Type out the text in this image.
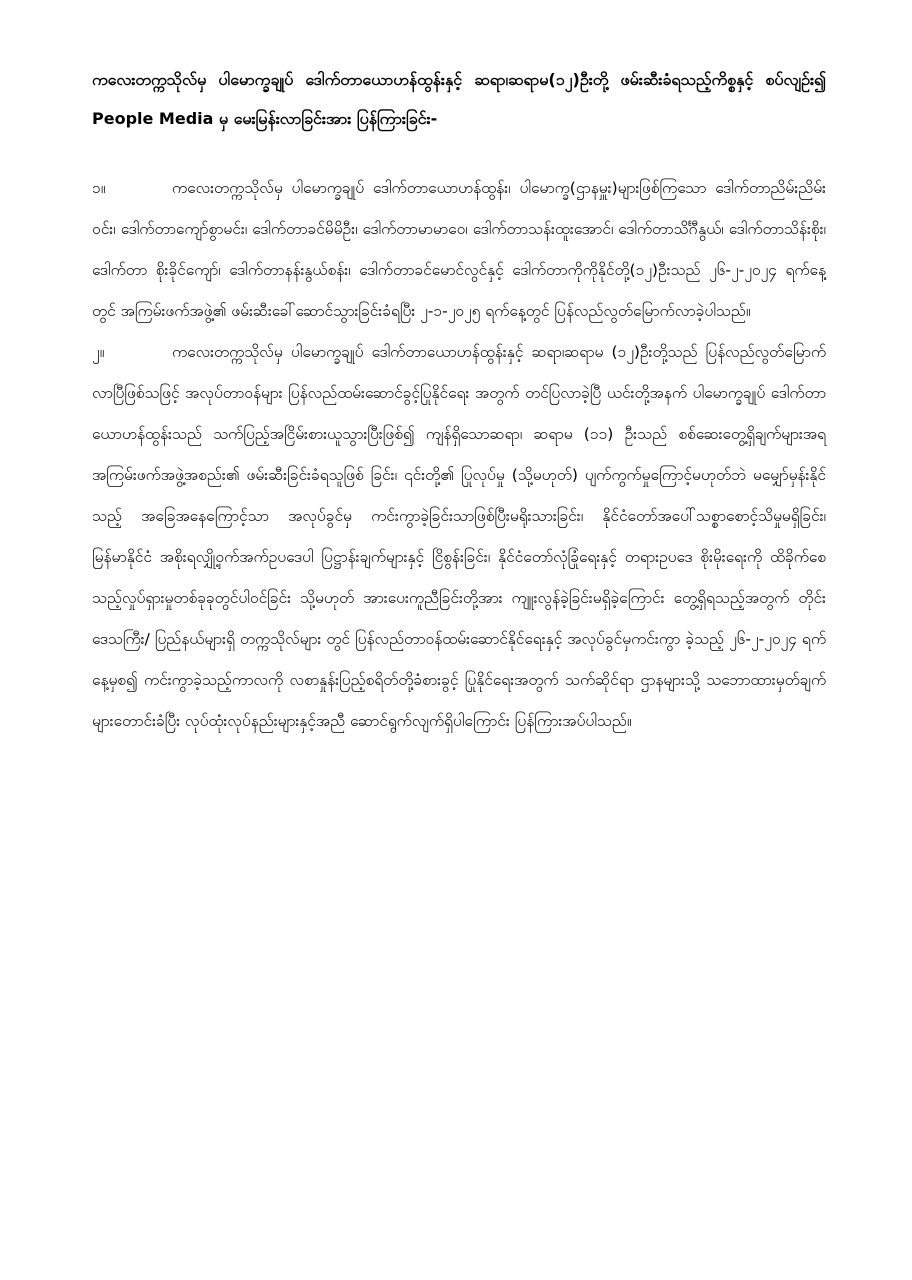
ကလေးတက္ကသိုလ်မှ ပါမောက္ခချုပ် ဒေါက်တာယောဟန်ထွန်းနှင့် ဆရာ၊ဆရာမ(၁၂)ဦးတို့ ဖမ်းဆီးခံရသည့်ကိစ္စနှင့် စပ်လျဉ်း၍ People Media မှ မေးမြန်းလာခြင်းအား ပြန်ကြားခြင်း-

၁။	ကလေးတက္ကသိုလ်မှ ပါမောက္ခချုပ် ဒေါက်တာယောဟန်ထွန်း၊ ပါမောက္ခ(ဌာနမှူး)များဖြစ်ကြသော ဒေါက်တာညိမ်းညိမ်းဝင်း၊ ဒေါက်တာကျော်စွာမင်း၊ ဒေါက်တာခင်မိမိဦး၊ ဒေါက်တာမာမာဝေ၊ ဒေါက်တာသန်းထူးအောင်၊ ဒေါက်တာသိင်္ဂီနွယ်၊ ဒေါက်တာသိန်းစိုး၊ ဒေါက်တာ စိုးခိုင်ကျော်၊ ဒေါက်တာနန်းနွယ်စန်း၊ ဒေါက်တာခင်မောင်လွင်နှင့် ဒေါက်တာကိုကိုနိုင်တို့(၁၂)ဦးသည် ၂၆-၂-၂၀၂၄ ရက်နေ့တွင် အကြမ်းဖက်အဖွဲ့၏ ဖမ်းဆီးခေါ်ဆောင်သွားခြင်းခံရပြီး ၂-၁-၂၀၂၅ ရက်နေ့တွင် ပြန်လည်လွတ်မြောက်လာခဲ့ပါသည်။

၂။	ကလေးတက္ကသိုလ်မှ ပါမောက္ခချုပ် ဒေါက်တာယောဟန်ထွန်းနှင့် ဆရာ၊ဆရာမ (၁၂)ဦးတို့သည် ပြန်လည်လွတ်မြောက်လာပြီဖြစ်သဖြင့် အလုပ်တာဝန်များ ပြန်လည်ထမ်းဆောင်ခွင့်ပြုနိုင်ရေး အတွက် တင်ပြလာခဲ့ပြီ ယင်းတို့အနက် ပါမောက္ခချုပ် ဒေါက်တာယောဟန်ထွန်းသည် သက်ပြည့်အငြိမ်းစားယူသွားပြီးဖြစ်၍ ကျန်ရှိသောဆရာ၊ ဆရာမ (၁၁) ဦးသည် စစ်ဆေးတွေ့ရှိချက်များအရ အကြမ်းဖက်အဖွဲ့အစည်း၏ ဖမ်းဆီးခြင်းခံရသူဖြစ် ခြင်း၊ ၎င်းတို့၏ ပြုလုပ်မှု (သို့မဟုတ်) ပျက်ကွက်မှုကြောင့်မဟုတ်ဘဲ မမျှော်မှန်းနိုင်သည့် အခြေအနေကြောင့်သာ အလုပ်ခွင်မှ ကင်းကွာခဲ့ခြင်းသာဖြစ်ပြီးမရိုးသားခြင်း၊ နိုင်ငံတော်အပေါ်သစ္စာစောင့်သိမှုမရှိခြင်း၊ မြန်မာနိုင်ငံ အစိုးရလျှို့ဝှက်အက်ဥပဒေပါ ပြဋ္ဌာန်းချက်များနှင့် ငြိစွန်းခြင်း၊ နိုင်ငံတော်လုံခြုံရေးနှင့် တရားဥပဒေ စိုးမိုးရေးကို ထိခိုက်စေသည့်လှုပ်ရှားမှုတစ်ခုခုတွင်ပါဝင်ခြင်း သို့မဟုတ် အားပေးကူညီခြင်းတို့အား ကျူးလွန်ခဲ့ခြင်းမရှိခဲ့ကြောင်း တွေ့ရှိရသည့်အတွက် တိုင်းဒေသကြီး/ ပြည်နယ်များရှိ တက္ကသိုလ်များ တွင် ပြန်လည်တာဝန်ထမ်းဆောင်နိုင်ရေးနှင့် အလုပ်ခွင်မှကင်းကွာ ခဲ့သည့် ၂၆-၂-၂၀၂၄ ရက်နေ့မှစ၍ ကင်းကွာခဲ့သည့်ကာလကို လစာနှုန်းပြည့်စရိတ်တို့ခံစားခွင့် ပြုနိုင်ရေးအတွက် သက်ဆိုင်ရာ ဌာနများသို့ သဘောထားမှတ်ချက်များတောင်းခံပြီး လုပ်ထုံးလုပ်နည်းများနှင့်အညီ ဆောင်ရွက်လျက်ရှိပါကြောင်း ပြန်ကြားအပ်ပါသည်။
